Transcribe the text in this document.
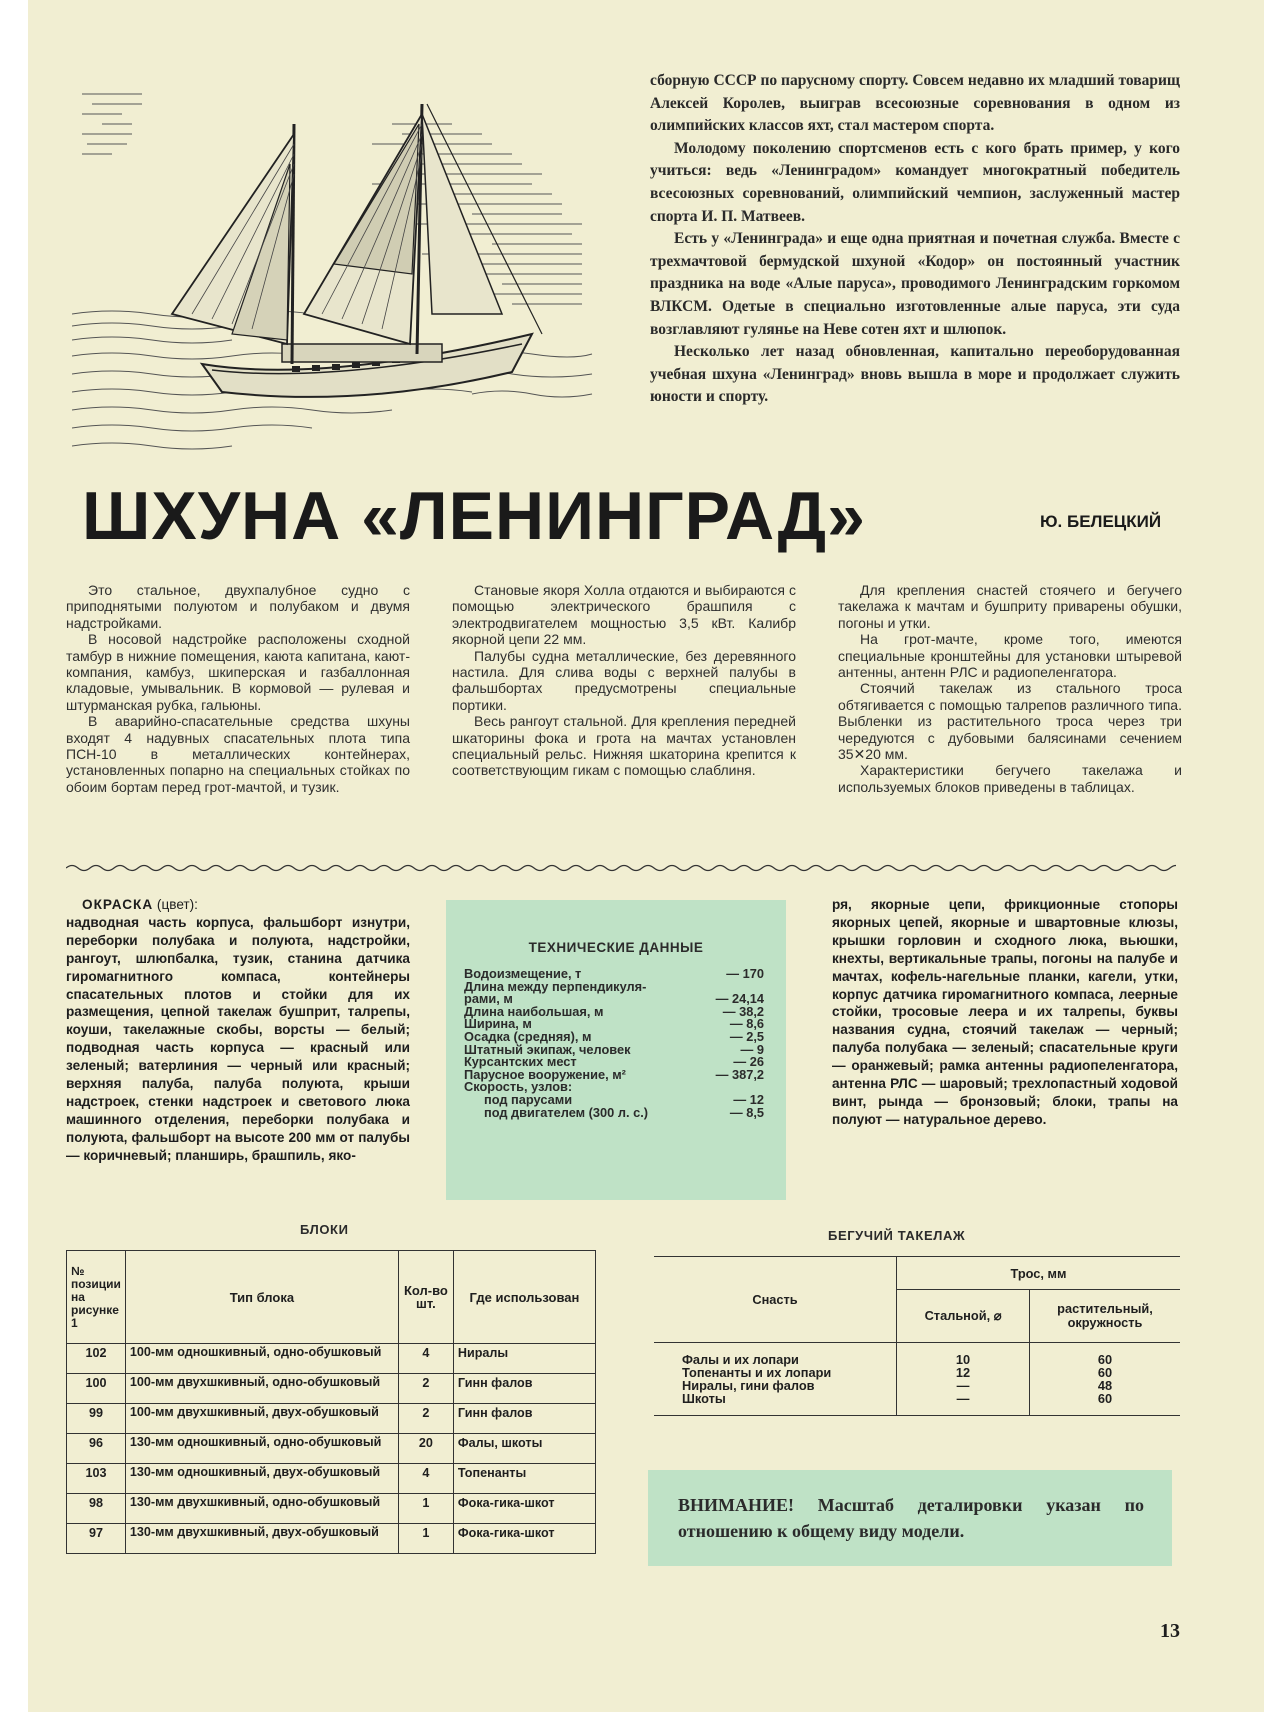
сборную СССР по парусному спорту. Совсем недавно их младший товарищ Алексей Королев, выиграв всесоюзные соревнования в одном из олимпийских классов яхт, стал мастером спорта.

Молодому поколению спортсменов есть с кого брать пример, у кого учиться: ведь «Ленинградом» командует многократный победитель всесоюзных соревнований, олимпийский чемпион, заслуженный мастер спорта И. П. Матвеев.

Есть у «Ленинграда» и еще одна приятная и почетная служба. Вместе с трехмачтовой бермудской шхуной «Кодор» он постоянный участник праздника на воде «Алые паруса», проводимого Ленинградским горкомом ВЛКСМ. Одетые в специально изготовленные алые паруса, эти суда возглавляют гулянье на Неве сотен яхт и шлюпок.

Несколько лет назад обновленная, капитально переоборудованная учебная шхуна «Ленинград» вновь вышла в море и продолжает служить юности и спорту.

ШХУНА «ЛЕНИНГРАД»	Ю. БЕЛЕЦКИЙ

Это стальное, двухпалубное судно с приподнятыми полуютом и полубаком и двумя надстройками.

В носовой надстройке расположены сходной тамбур в нижние помещения, каюта капитана, кают-компания, камбуз, шкиперская и газбаллонная кладовые, умывальник. В кормовой — рулевая и штурманская рубка, гальюны.

В аварийно-спасательные средства шхуны входят 4 надувных спасательных плота типа ПСН-10 в металлических контейнерах, установленных попарно на специальных стойках по обоим бортам перед грот-мачтой, и тузик.

Становые якоря Холла отдаются и выбираются с помощью электрического брашпиля с электродвигателем мощностью 3,5 кВт. Калибр якорной цепи 22 мм.

Палубы судна металлические, без деревянного настила. Для слива воды с верхней палубы в фальшбортах предусмотрены специальные портики.

Весь рангоут стальной. Для крепления передней шкаторины фока и грота на мачтах установлен специальный рельс. Нижняя шкаторина крепится к соответствующим гикам с помощью слаблиня.

Для крепления снастей стоячего и бегучего такелажа к мачтам и бушприту приварены обушки, погоны и утки.

На грот-мачте, кроме того, имеются специальные кронштейны для установки штыревой антенны, антенн РЛС и радиопеленгатора.

Стоячий такелаж из стального троса обтягивается с помощью талрепов различного типа. Выбленки из растительного троса через три чередуются с дубовыми балясинами сечением 35✕20 мм.

Характеристики бегучего такелажа и используемых блоков приведены в таблицах.

ОКРАСКА (цвет):

надводная часть корпуса, фальшборт изнутри, переборки полубака и полуюта, надстройки, рангоут, шлюпбалка, тузик, станина датчика гиромагнитного компаса, контейнеры спасательных плотов и стойки для их размещения, цепной такелаж бушприт, талрепы, коуши, такелажные скобы, ворсты — белый; подводная часть корпуса — красный или зеленый; ватерлиния — черный или красный; верхняя палуба, палуба полуюта, крыши надстроек, стенки надстроек и светового люка машинного отделения, переборки полубака и полуюта, фальшборт на высоте 200 мм от палубы — коричневый; планширь, брашпиль, яко-

ря, якорные цепи, фрикционные стопоры якорных цепей, якорные и швартовные клюзы, крышки горловин и сходного люка, вьюшки, кнехты, вертикальные трапы, погоны на палубе и мачтах, кофель-нагельные планки, кагели, утки, корпус датчика гиромагнитного компаса, леерные стойки, тросовые леера и их талрепы, буквы названия судна, стоячий такелаж — черный; палуба полубака — зеленый; спасательные круги — оранжевый; рамка антенны радиопеленгатора, антенна РЛС — шаровый; трехлопастный ходовой винт, рында — бронзовый; блоки, трапы на полуют — натуральное дерево.

ТЕХНИЧЕСКИЕ ДАННЫЕ
Водоизмещение, т	— 170
Длина между перпендикуля-
рами, м	— 24,14
Длина наибольшая, м	— 38,2
Ширина, м	— 8,6
Осадка (средняя), м	— 2,5
Штатный экипаж, человек	— 9
Курсантских мест	— 26
Парусное вооружение, м²	— 387,2
Скорость, узлов:
под парусами	— 12
под двигателем (300 л. с.)	— 8,5
БЛОКИ
№ позиции на рисунке 1	Тип блока	Кол-во шт.	Где использован
102	100-мм одношкивный, одно-обушковый	4	Ниралы
100	100-мм двухшкивный, одно-обушковый	2	Гинн фалов
99	100-мм двухшкивный, двух-обушковый	2	Гинн фалов
96	130-мм одношкивный, одно-обушковый	20	Фалы, шкоты
103	130-мм одношкивный, двух-обушковый	4	Топенанты
98	130-мм двухшкивный, одно-обушковый	1	Фока-гика-шкот
97	130-мм двухшкивный, двух-обушковый	1	Фока-гика-шкот
БЕГУЧИЙ ТАКЕЛАЖ
Снасть	Трос, мм	
	Стальной, ⌀	растительный, окружность
Фалы и их лопари	10	60
Топенанты и их лопари	12	60
Ниралы, гини фалов	—	48
Шкоты	—	60
ВНИМАНИЕ! Масштаб деталировки указан по отношению к общему виду модели.
13
